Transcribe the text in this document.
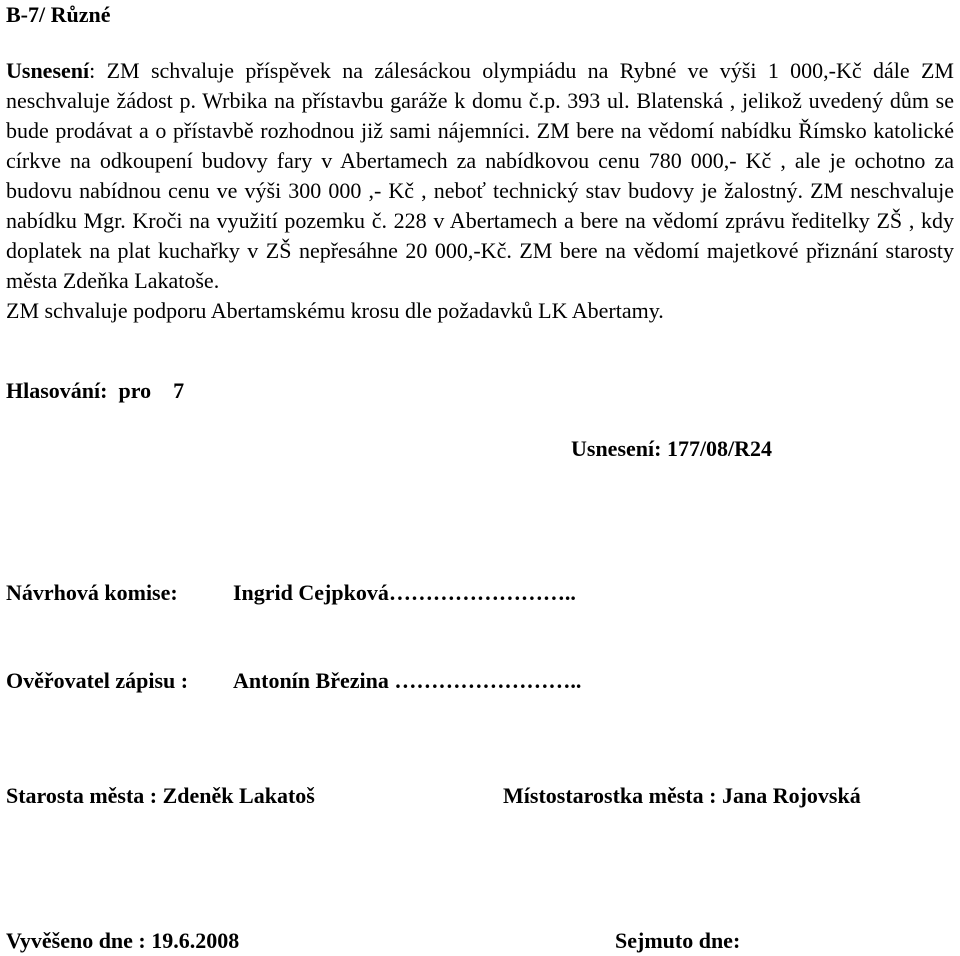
B-7/ Různé

Usnesení: ZM schvaluje příspěvek na zálesáckou olympiádu na Rybné ve výši 1 000,-Kč dále ZM neschvaluje žádost p. Wrbika na přístavbu garáže k domu č.p. 393 ul. Blatenská , jelikož uvedený dům se bude prodávat a o přístavbě rozhodnou již sami nájemníci. ZM bere na vědomí nabídku Římsko katolické církve na odkoupení budovy fary v Abertamech za nabídkovou cenu 780 000,- Kč , ale je ochotno za budovu nabídnou cenu ve výši 300 000 ,- Kč , neboť technický stav budovy je žalostný. ZM neschvaluje nabídku Mgr. Kroči na využití pozemku č. 228 v Abertamech a bere na vědomí zprávu ředitelky ZŠ , kdy doplatek na plat kuchařky v ZŠ nepřesáhne 20 000,-Kč. ZM bere na vědomí majetkové přiznání starosty města Zdeňka Lakatoše.

ZM schvaluje podporu Abertamskému krosu dle požadavků LK Abertamy.

Hlasování:  pro    7
Usnesení: 177/08/R24
Návrhová komise:	Ingrid Cejpková……………………..
Ověřovatel zápisu : Antonín Březina ……………………..
Starosta města : Zdeněk Lakatoš	Místostarostka města : Jana Rojovská
Vyvěšeno dne : 19.6.2008	Sejmuto dne:
